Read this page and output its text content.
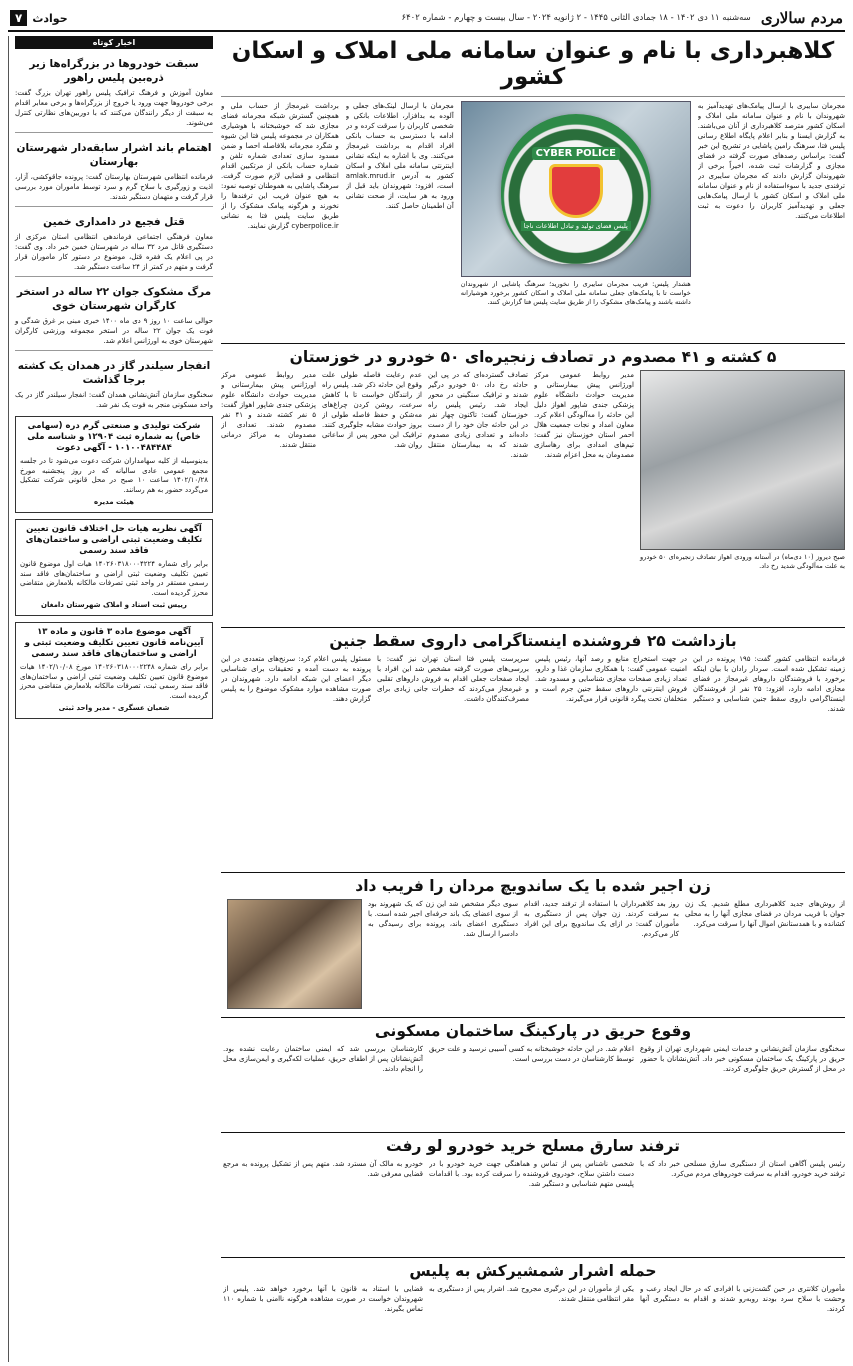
مردم سالاری
سه‌شنبه ۱۱ دی ۱۴۰۲ - ۱۸ جمادی الثانی ۱۴۴۵ - ۲ ژانویه ۲۰۲۴ - سال بیست و چهارم - شماره ۶۴۰۲
حوادث
۷
کلاهبرداری با نام و عنوان سامانه ملی املاک و اسکان کشور

مجرمان سایبری با ارسال پیامک‌های تهدیدآمیز به شهروندان با نام و عنوان سامانه ملی املاک و اسکان کشور مترصد کلاهبرداری از آنان می‌باشند. به گزارش ایسنا و بنابر اعلام پایگاه اطلاع رسانی پلیس فتا، سرهنگ رامین پاشایی در تشریح این خبر گفت: براساس رصدهای صورت گرفته در فضای مجازی و گزارشات ثبت شده، اخیراً برخی از شهروندان گزارش دادند که مجرمان سایبری در ترفندی جدید با سوءاستفاده از نام و عنوان سامانه ملی املاک و اسکان کشور با ارسال پیامک‌هایی جعلی و تهدیدآمیز کاربران را دعوت به ثبت اطلاعات می‌کنند.

CYBER POLICE
پلیس فضای تولید و تبادل اطلاعات ناجا
هشدار پلیس: فریب مجرمان سایبری را نخورید؛ سرهنگ پاشایی از شهروندان خواست تا با پیامک‌های جعلی سامانه ملی املاک و اسکان کشور برخورد هوشیارانه داشته باشند و پیامک‌های مشکوک را از طریق سایت پلیس فتا گزارش کنند.

مجرمان با ارسال لینک‌های جعلی و آلوده به بدافزار، اطلاعات بانکی و شخصی کاربران را سرقت کرده و در ادامه با دسترسی به حساب بانکی افراد اقدام به برداشت غیرمجاز می‌کنند. وی با اشاره به اینکه نشانی اینترنتی سامانه ملی املاک و اسکان کشور به آدرس amlak.mrud.ir است، افزود: شهروندان باید قبل از ورود به هر سایت، از صحت نشانی آن اطمینان حاصل کنند.

برداشت غیرمجاز از حساب ملی و همچنین گسترش شبکه مجرمانه فضای مجازی شد که خوشبختانه با هوشیاری همکاران در مجموعه پلیس فتا این شیوه و شگرد مجرمانه بلافاصله احصا و ضمن مسدود سازی تعدادی شماره تلفن و شماره حساب بانکی از مرتکبین اقدام انتظامی و قضایی لازم صورت گرفت. سرهنگ پاشایی به هموطنان توصیه نمود: به هیچ عنوان فریب این ترفندها را نخورند و هرگونه پیامک مشکوک را از طریق سایت پلیس فتا به نشانی cyberpolice.ir گزارش نمایند.

۵ کشته و ۴۱ مصدوم در تصادف زنجیره‌ای ۵۰ خودرو در خوزستان
صبح دیروز (۱۰ دی‌ماه) در آستانه ورودی اهواز تصادف زنجیره‌ای ۵۰ خودرو به علت مه‌آلودگی شدید رخ داد.
مدیر روابط عمومی مرکز اورژانس پیش بیمارستانی و مدیریت حوادث دانشگاه علوم پزشکی جندی شاپور اهواز دلیل این حادثه را مه‌آلودگی اعلام کرد. معاون امداد و نجات جمعیت هلال احمر استان خوزستان نیز گفت: تیم‌های امدادی برای رهاسازی مصدومان به محل اعزام شدند.
تصادف گسترده‌ای که در پی این حادثه رخ داد، ۵۰ خودرو درگیر شدند و ترافیک سنگینی در محور ایجاد شد. رئیس پلیس راه خوزستان گفت: تاکنون چهار نفر در این حادثه جان خود را از دست داده‌اند و تعدادی زیادی مصدوم شدند که به بیمارستان منتقل شدند.
عدم رعایت فاصله طولی علت وقوع این حادثه ذکر شد. پلیس راه از رانندگان خواست تا با کاهش سرعت، روشن کردن چراغ‌های مه‌شکن و حفظ فاصله طولی از بروز حوادث مشابه جلوگیری کنند. ترافیک این محور پس از ساعاتی روان شد.
مدیر روابط عمومی مرکز اورژانس پیش بیمارستانی و مدیریت حوادث دانشگاه علوم پزشکی جندی شاپور اهواز گفت: ۵ نفر کشته شدند و ۴۱ نفر مصدوم شدند. تعدادی از مصدومان به مراکز درمانی منتقل شدند.
بازداشت ۲۵ فروشنده اینستاگرامی داروی سقط جنین
فرمانده انتظامی کشور گفت: ۱۹۵ پرونده در این زمینه تشکیل شده است. سردار رادان با بیان اینکه برخورد با فروشندگان داروهای غیرمجاز در فضای مجازی ادامه دارد، افزود: ۲۵ نفر از فروشندگان اینستاگرامی داروی سقط جنین شناسایی و دستگیر شدند.
در جهت استخراج منابع و رصد آنها، رئیس پلیس امنیت عمومی گفت: با همکاری سازمان غذا و دارو، تعداد زیادی صفحات مجازی شناسایی و مسدود شد. فروش اینترنتی داروهای سقط جنین جرم است و متخلفان تحت پیگرد قانونی قرار می‌گیرند.
سرپرست پلیس فتا استان تهران نیز گفت: با بررسی‌های صورت گرفته مشخص شد این افراد با ایجاد صفحات جعلی اقدام به فروش داروهای تقلبی و غیرمجاز می‌کردند که خطرات جانی زیادی برای مصرف‌کنندگان داشت.
مسئول پلیس اعلام کرد: سرنخ‌های متعددی در این پرونده به دست آمده و تحقیقات برای شناسایی دیگر اعضای این شبکه ادامه دارد. شهروندان در صورت مشاهده موارد مشکوک موضوع را به پلیس گزارش دهند.
زن اجیر شده با یک ساندویچ مردان را فریب داد
از روش‌های جدید کلاهبرداری مطلع شدیم. یک زن جوان با فریب مردان در فضای مجازی آنها را به محلی کشانده و با همدستانش اموال آنها را سرقت می‌کرد.
روز بعد کلاهبرداران با استفاده از ترفند جدید، اقدام به سرقت کردند. زن جوان پس از دستگیری به مأموران گفت: در ازای یک ساندویچ برای این افراد کار می‌کردم.
سوی دیگر مشخص شد این زن که یک شهروند بود از سوی اعضای یک باند حرفه‌ای اجیر شده است. با دستگیری اعضای باند، پرونده برای رسیدگی به دادسرا ارسال شد.
وقوع حریق در پارکینگ ساختمان مسکونی
سخنگوی سازمان آتش‌نشانی و خدمات ایمنی شهرداری تهران از وقوع حریق در پارکینگ یک ساختمان مسکونی خبر داد. آتش‌نشانان با حضور در محل از گسترش حریق جلوگیری کردند.
اعلام شد. در این حادثه خوشبختانه به کسی آسیبی نرسید و علت حریق توسط کارشناسان در دست بررسی است.
کارشناسان بررسی شد که ایمنی ساختمان رعایت نشده بود. آتش‌نشانان پس از اطفای حریق، عملیات لکه‌گیری و ایمن‌سازی محل را انجام دادند.
ترفند سارق مسلح خرید خودرو لو رفت
رئیس پلیس آگاهی استان از دستگیری سارق مسلحی خبر داد که با ترفند خرید خودرو، اقدام به سرقت خودروهای مردم می‌کرد.
شخصی ناشناس پس از تماس و هماهنگی جهت خرید خودرو با در دست داشتن سلاح، خودروی فروشنده را سرقت کرده بود. با اقدامات پلیسی متهم شناسایی و دستگیر شد.
خودرو به مالک آن مسترد شد. متهم پس از تشکیل پرونده به مرجع قضایی معرفی شد.
حمله اشرار شمشیرکش به پلیس
مأموران کلانتری در حین گشت‌زنی با افرادی که در حال ایجاد رعب و وحشت با سلاح سرد بودند روبه‌رو شدند و اقدام به دستگیری آنها کردند.
یکی از مأموران در این درگیری مجروح شد. اشرار پس از دستگیری به مقر انتظامی منتقل شدند.
قضایی با استناد به قانون با آنها برخورد خواهد شد. پلیس از شهروندان خواست در صورت مشاهده هرگونه ناامنی با شماره ۱۱۰ تماس بگیرند.
اخبار کوتاه
سبقت خودروها در بزرگراه‌ها زیر ذره‌بین پلیس راهور
معاون آموزش و فرهنگ ترافیک پلیس راهور تهران بزرگ گفت: برخی خودروها جهت ورود یا خروج از بزرگراه‌ها و برخی معابر اقدام به سبقت از دیگر رانندگان می‌کنند که با دوربین‌های نظارتی کنترل می‌شوند.
اهتمام باند اشرار سابقه‌دار شهرستان بهارستان
فرمانده انتظامی شهرستان بهارستان گفت: پرونده جاقوکشی، آزار، اذیت و زورگیری با سلاح گرم و سرد توسط ماموران مورد بررسی قرار گرفت و متهمان دستگیر شدند.
قتل فجیع در دامداری خمین
معاون فرهنگی اجتماعی فرماندهی انتظامی استان مرکزی از دستگیری قاتل مرد ۳۲ ساله در شهرستان خمین خبر داد. وی گفت: در پی اعلام یک فقره قتل، موضوع در دستور کار ماموران قرار گرفت و متهم در کمتر از ۲۴ ساعت دستگیر شد.
مرگ مشکوک جوان ۲۲ ساله در استخر کارگران شهرستان خوی
حوالی ساعت ۱۰ روز ۹ دی ماه ۱۴۰۰ خبری مبنی بر غرق شدگی و فوت یک جوان ۲۲ ساله در استخر مجموعه ورزشی کارگران شهرستان خوی به اورژانس اعلام شد.
انفجار سیلندر گاز در همدان یک کشته برجا گذاشت
سخنگوی سازمان آتش‌نشانی همدان گفت: انفجار سیلندر گاز در یک واحد مسکونی منجر به فوت یک نفر شد.
شرکت تولیدی و صنعتی گرم دره (سهامی خاص) به شماره ثبت ۱۲۹۰۴ و شناسه ملی ۱۰۱۰۰۴۸۴۴۸۴ - آگهی دعوت
بدینوسیله از کلیه سهامداران شرکت دعوت می‌شود تا در جلسه مجمع عمومی عادی سالیانه که در روز پنجشنبه مورخ ۱۴۰۲/۱۰/۲۸ ساعت ۱۰ صبح در محل قانونی شرکت تشکیل می‌گردد حضور به هم رسانند.
هیئت مدیره
آگهی نظریه هیات حل اختلاف قانون تعیین تکلیف وضعیت ثبتی اراضی و ساختمان‌های فاقد سند رسمی
برابر رای شماره ۱۴۰۲۶۰۳۱۸۰۰۰۴۲۲۴ هیات اول موضوع قانون تعیین تکلیف وضعیت ثبتی اراضی و ساختمان‌های فاقد سند رسمی مستقر در واحد ثبتی تصرفات مالکانه بلامعارض متقاضی محرز گردیده است.
رییس ثبت اسناد و املاک شهرستان دامغان
آگهی موضوع ماده ۳ قانون و ماده ۱۳ آیین‌نامه قانون تعیین تکلیف وضعیت ثبتی و اراضی و ساختمان‌های فاقد سند رسمی
برابر رای شماره ۱۴۰۲۶۰۳۱۸۰۰۰۲۲۴۸ مورخ ۱۴۰۲/۱۰/۰۸ هیات موضوع قانون تعیین تکلیف وضعیت ثبتی اراضی و ساختمان‌های فاقد سند رسمی ثبت، تصرفات مالکانه بلامعارض متقاضی محرز گردیده است.
شعبان عسگری - مدیر واحد ثبتی
